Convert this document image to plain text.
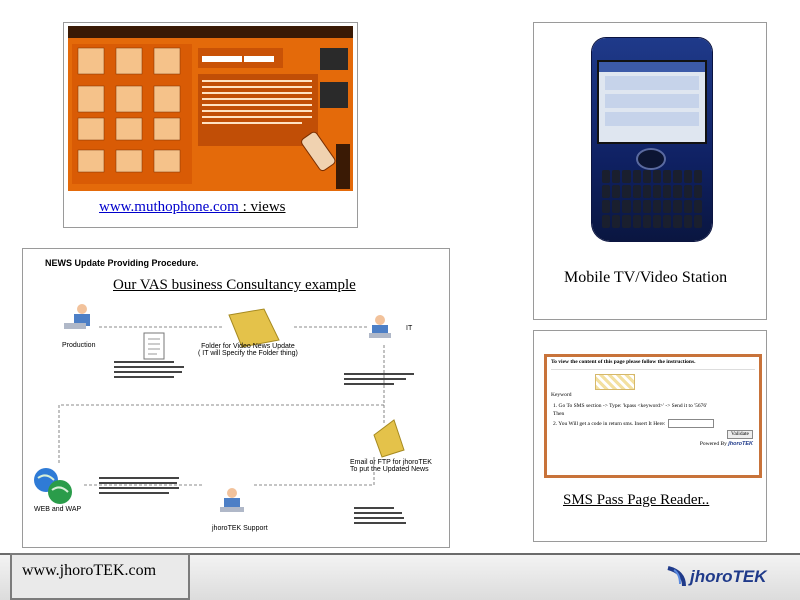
www.muthophone.com : views
Mobile TV/Video Station
NEWS Update Providing Procedure.
Our VAS business Consultancy example
Production	Folder for Video News Update
( IT will Specify the Folder thing)
IT
Email or FTP for jhoroTEK
To put the Updated News
WEB and WAP
jhoroTEK Support
To view the content of this page please follow the instructions.
Keyword
1. Go To SMS section -> Type: 'kpass <keyword>' -> Send it to '5676'
Then
2. You Will get a code in return sms. Insert It Here:
Validate
Powered By jhoroTEK
SMS Pass Page Reader..
www.jhoroTEK.com	jhoroTEK
